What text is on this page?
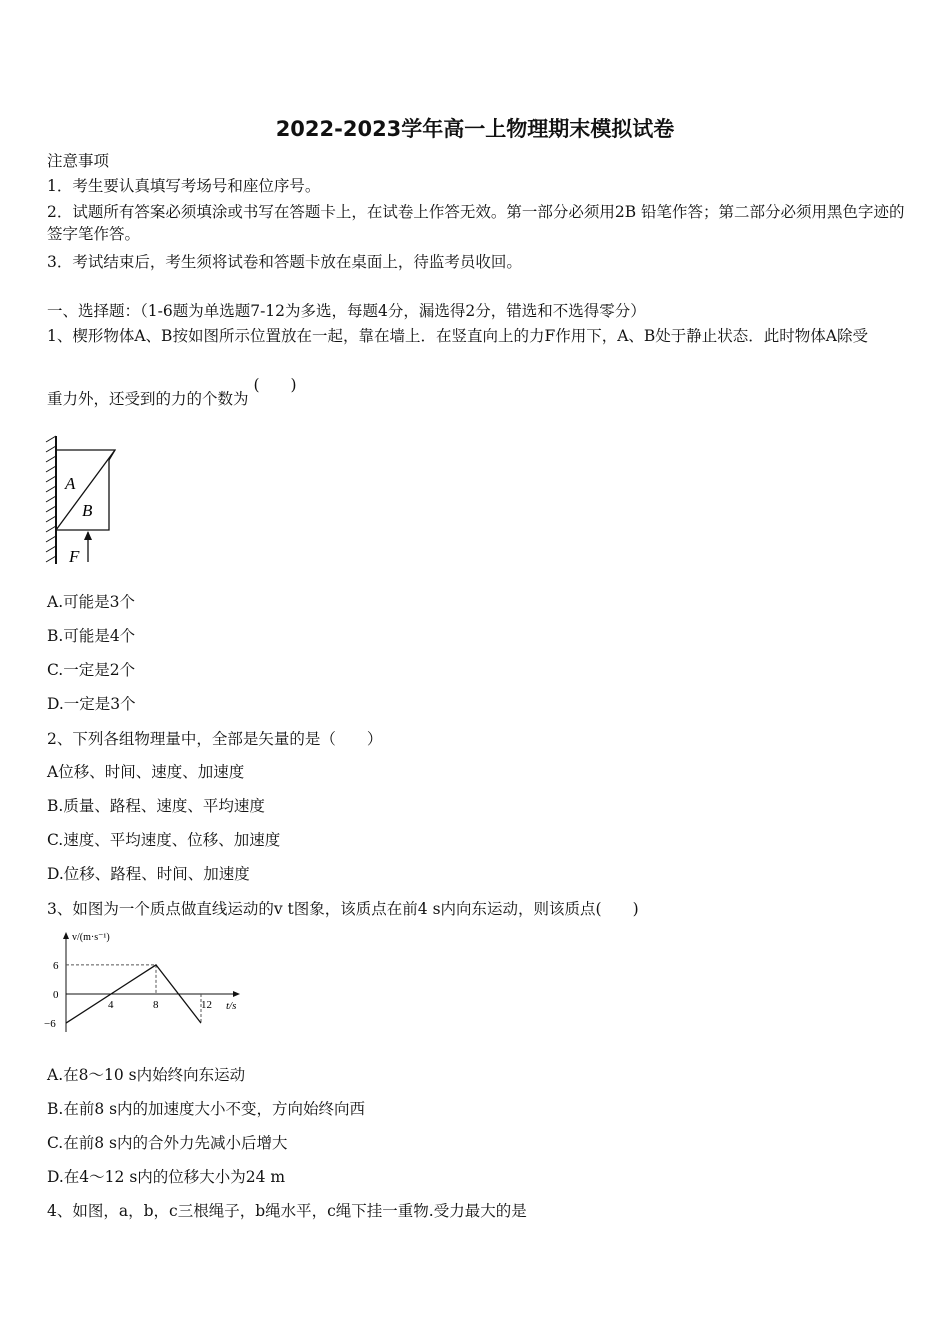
2022-2023学年高一上物理期末模拟试卷
注意事项
1．考生要认真填写考场号和座位序号。
2．试题所有答案必须填涂或书写在答题卡上，在试卷上作答无效。第一部分必须用2B 铅笔作答；第二部分必须用黑色字迹的签字笔作答。
3．考试结束后，考生须将试卷和答题卡放在桌面上，待监考员收回。
一、选择题：（1-6题为单选题7-12为多选，每题4分，漏选得2分，错选和不选得零分）
1、楔形物体A、B按如图所示位置放在一起，靠在墙上．在竖直向上的力F作用下，A、B处于静止状态．此时物体A除受
重力外，还受到的力的个数为 (　　)
A
B
F
A.可能是3个
B.可能是4个
C.一定是2个
D.一定是3个
2、下列各组物理量中，全部是矢量的是（　　）
A位移、时间、速度、加速度
B.质量、路程、速度、平均速度
C.速度、平均速度、位移、加速度
D.位移、路程、时间、加速度
3、如图为一个质点做直线运动的v t图象，该质点在前4 s内向东运动，则该质点(　　)
v/(m·s⁻¹)
t/s
4	8	12
6
0
−6
A.在8～10 s内始终向东运动
B.在前8 s内的加速度大小不变，方向始终向西
C.在前8 s内的合外力先减小后增大
D.在4～12 s内的位移大小为24 m
4、如图，a，b，c三根绳子，b绳水平，c绳下挂一重物.受力最大的是
